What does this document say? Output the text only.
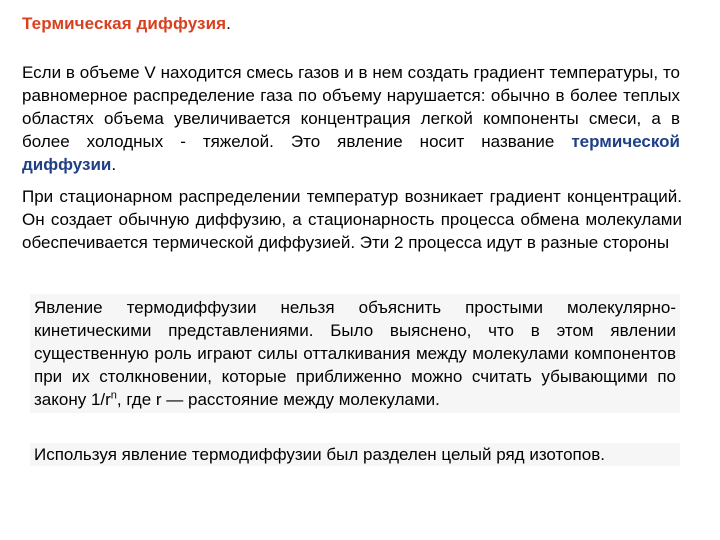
Термическая диффузия.
Если в объеме V находится смесь газов и в нем создать градиент температуры, то равномерное распределение газа по объему нарушается: обычно в более теплых областях объема увеличивается концентрация легкой компоненты смеси, а в более холодных - тяжелой. Это явление носит название термической диффузии.
При стационарном распределении температур возникает градиент концентраций. Он создает обычную диффузию, а стационарность процесса обмена молекулами обеспечивается термической диффузией. Эти 2 процесса идут в разные стороны
Явление термодиффузии нельзя объяснить простыми молекулярно-кинетическими представлениями. Было выяснено, что в этом явлении существенную роль играют силы отталкивания между молекулами компонентов при их столкновении, которые приближенно можно считать убывающими по закону $1/r^n$, где r — расстояние между молекулами.
Используя явление термодиффузии был разделен целый ряд изотопов.
